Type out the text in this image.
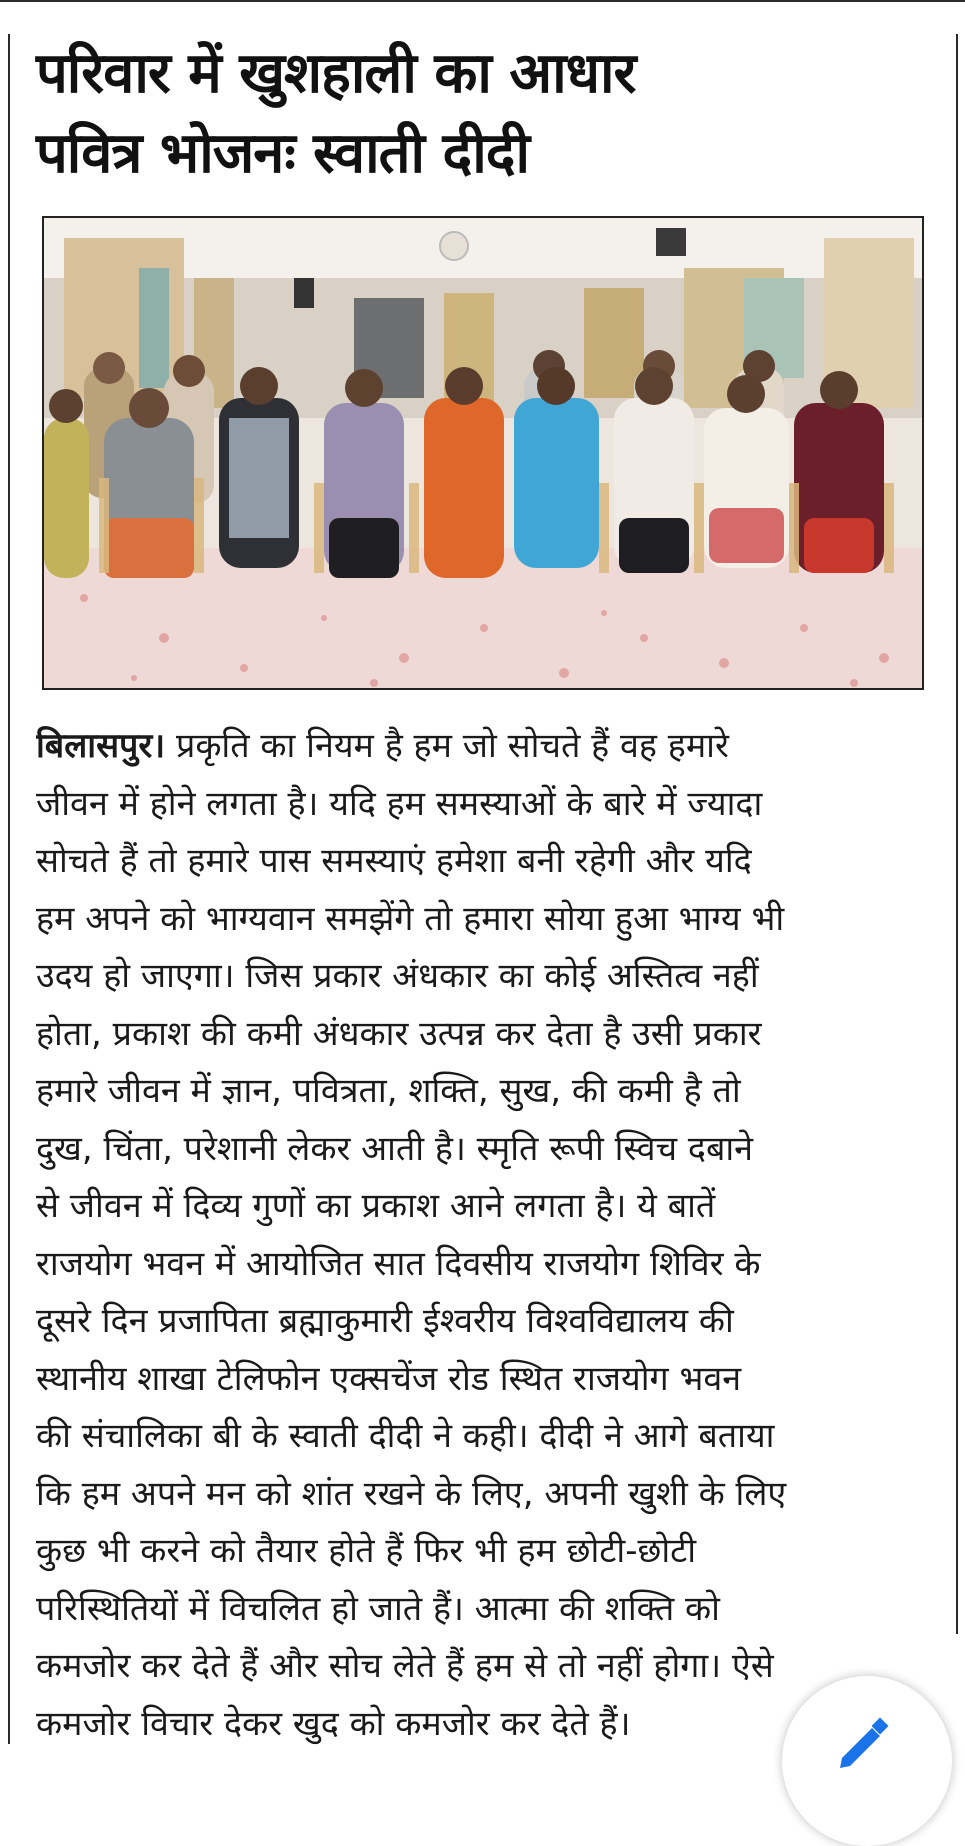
परिवार में खुशहाली का आधार
पवित्र भोजनः स्वाती दीदी
बिलासपुर। प्रकृति का नियम है हम जो सोचते हैं वह हमारे
जीवन में होने लगता है। यदि हम समस्याओं के बारे में ज्यादा
सोचते हैं तो हमारे पास समस्याएं हमेशा बनी रहेगी और यदि
हम अपने को भाग्यवान समझेंगे तो हमारा सोया हुआ भाग्य भी
उदय हो जाएगा। जिस प्रकार अंधकार का कोई अस्तित्व नहीं
होता, प्रकाश की कमी अंधकार उत्पन्न कर देता है उसी प्रकार
हमारे जीवन में ज्ञान, पवित्रता, शक्ति, सुख, की कमी है तो
दुख, चिंता, परेशानी लेकर आती है। स्मृति रूपी स्विच दबाने
से जीवन में दिव्य गुणों का प्रकाश आने लगता है। ये बातें
राजयोग भवन में आयोजित सात दिवसीय राजयोग शिविर के
दूसरे दिन प्रजापिता ब्रह्माकुमारी ईश्वरीय विश्वविद्यालय की
स्थानीय शाखा टेलिफोन एक्सचेंज रोड स्थित राजयोग भवन
की संचालिका बी के स्वाती दीदी ने कही। दीदी ने आगे बताया
कि हम अपने मन को शांत रखने के लिए, अपनी खुशी के लिए
कुछ भी करने को तैयार होते हैं फिर भी हम छोटी-छोटी
परिस्थितियों में विचलित हो जाते हैं। आत्मा की शक्ति को
कमजोर कर देते हैं और सोच लेते हैं हम से तो नहीं होगा। ऐसे
कमजोर विचार देकर खुद को कमजोर कर देते हैं।
